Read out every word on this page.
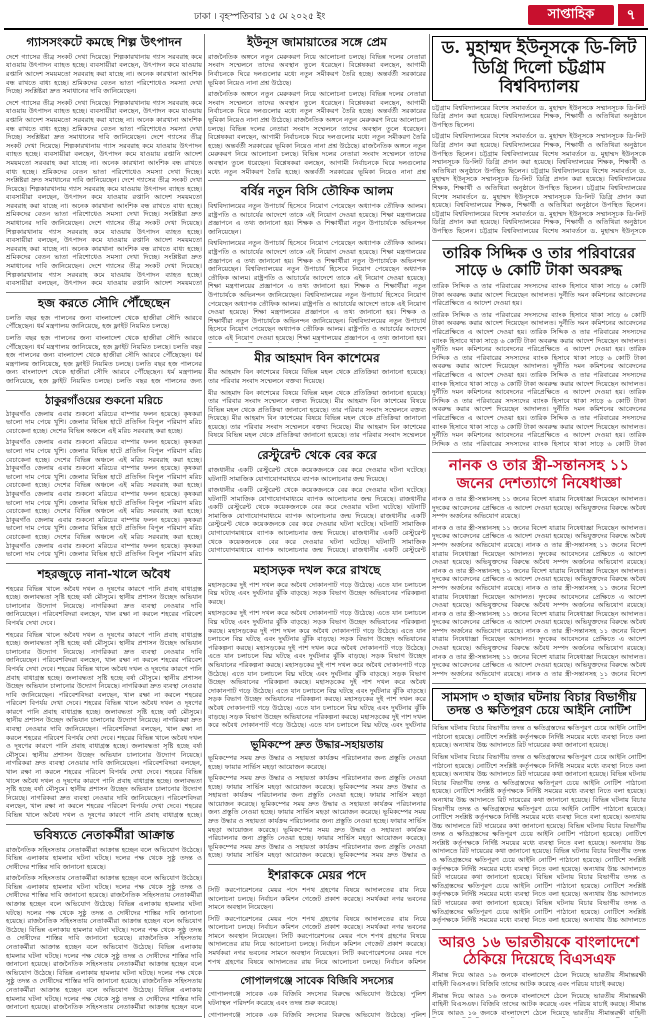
ঢাকা । বৃহস্পতিবার ১৫ মে ২০২৫ ইং	সাপ্তাহিক	৭
গ্যাসসংকটে কমছে শিল্প উৎপাদন

দেশে গ্যাসের তীব্র সংকট দেখা দিয়েছে। শিল্পকারখানায় গ্যাস সরবরাহ কমে যাওয়ায় উৎপাদন ব্যাহত হচ্ছে। ব্যবসায়ীরা বলছেন, উৎপাদন কমে যাওয়ায় রপ্তানি আদেশ সময়মতো সরবরাহ করা যাচ্ছে না। অনেক কারখানা আংশিক বন্ধ রাখতে বাধ্য হচ্ছে। শ্রমিকদের বেতন ভাতা পরিশোধেও সমস্যা দেখা দিচ্ছে। সংশ্লিষ্টরা দ্রুত সমাধানের দাবি জানিয়েছেন।

দেশে গ্যাসের তীব্র সংকট দেখা দিয়েছে। শিল্পকারখানায় গ্যাস সরবরাহ কমে যাওয়ায় উৎপাদন ব্যাহত হচ্ছে। ব্যবসায়ীরা বলছেন, উৎপাদন কমে যাওয়ায় রপ্তানি আদেশ সময়মতো সরবরাহ করা যাচ্ছে না। অনেক কারখানা আংশিক বন্ধ রাখতে বাধ্য হচ্ছে। শ্রমিকদের বেতন ভাতা পরিশোধেও সমস্যা দেখা দিচ্ছে। সংশ্লিষ্টরা দ্রুত সমাধানের দাবি জানিয়েছেন। দেশে গ্যাসের তীব্র সংকট দেখা দিয়েছে। শিল্পকারখানায় গ্যাস সরবরাহ কমে যাওয়ায় উৎপাদন ব্যাহত হচ্ছে। ব্যবসায়ীরা বলছেন, উৎপাদন কমে যাওয়ায় রপ্তানি আদেশ সময়মতো সরবরাহ করা যাচ্ছে না। অনেক কারখানা আংশিক বন্ধ রাখতে বাধ্য হচ্ছে। শ্রমিকদের বেতন ভাতা পরিশোধেও সমস্যা দেখা দিচ্ছে। সংশ্লিষ্টরা দ্রুত সমাধানের দাবি জানিয়েছেন। দেশে গ্যাসের তীব্র সংকট দেখা দিয়েছে। শিল্পকারখানায় গ্যাস সরবরাহ কমে যাওয়ায় উৎপাদন ব্যাহত হচ্ছে। ব্যবসায়ীরা বলছেন, উৎপাদন কমে যাওয়ায় রপ্তানি আদেশ সময়মতো সরবরাহ করা যাচ্ছে না। অনেক কারখানা আংশিক বন্ধ রাখতে বাধ্য হচ্ছে। শ্রমিকদের বেতন ভাতা পরিশোধেও সমস্যা দেখা দিচ্ছে। সংশ্লিষ্টরা দ্রুত সমাধানের দাবি জানিয়েছেন। দেশে গ্যাসের তীব্র সংকট দেখা দিয়েছে। শিল্পকারখানায় গ্যাস সরবরাহ কমে যাওয়ায় উৎপাদন ব্যাহত হচ্ছে। ব্যবসায়ীরা বলছেন, উৎপাদন কমে যাওয়ায় রপ্তানি আদেশ সময়মতো সরবরাহ করা যাচ্ছে না। অনেক কারখানা আংশিক বন্ধ রাখতে বাধ্য হচ্ছে। শ্রমিকদের বেতন ভাতা পরিশোধেও সমস্যা দেখা দিচ্ছে। সংশ্লিষ্টরা দ্রুত সমাধানের দাবি জানিয়েছেন। দেশে গ্যাসের তীব্র সংকট দেখা দিয়েছে। শিল্পকারখানায় গ্যাস সরবরাহ কমে যাওয়ায় উৎপাদন ব্যাহত হচ্ছে। ব্যবসায়ীরা বলছেন, উৎপাদন কমে যাওয়ায় রপ্তানি আদেশ সময়মতো

হজ করতে সৌদি পৌঁছেছেন

চলতি বছর হজ পালনের জন্য বাংলাদেশ থেকে হাজীরা সৌদি আরবে পৌঁছেছেন। ধর্ম মন্ত্রণালয় জানিয়েছে, হজ ফ্লাইট নিয়মিত চলছে।

চলতি বছর হজ পালনের জন্য বাংলাদেশ থেকে হাজীরা সৌদি আরবে পৌঁছেছেন। ধর্ম মন্ত্রণালয় জানিয়েছে, হজ ফ্লাইট নিয়মিত চলছে। চলতি বছর হজ পালনের জন্য বাংলাদেশ থেকে হাজীরা সৌদি আরবে পৌঁছেছেন। ধর্ম মন্ত্রণালয় জানিয়েছে, হজ ফ্লাইট নিয়মিত চলছে। চলতি বছর হজ পালনের জন্য বাংলাদেশ থেকে হাজীরা সৌদি আরবে পৌঁছেছেন। ধর্ম মন্ত্রণালয় জানিয়েছে, হজ ফ্লাইট নিয়মিত চলছে। চলতি বছর হজ পালনের জন্য

ঠাকুরগাঁওয়ের শুকনো মরিচে

ঠাকুরগাঁও জেলায় এবার শুকনো মরিচের বাম্পার ফলন হয়েছে। কৃষকরা ভালো দাম পেয়ে খুশি। জেলার বিভিন্ন হাটে প্রতিদিন বিপুল পরিমাণ মরিচ বেচাকেনা হচ্ছে। দেশের বিভিন্ন অঞ্চলে এই মরিচ সরবরাহ করা হচ্ছে।

ঠাকুরগাঁও জেলায় এবার শুকনো মরিচের বাম্পার ফলন হয়েছে। কৃষকরা ভালো দাম পেয়ে খুশি। জেলার বিভিন্ন হাটে প্রতিদিন বিপুল পরিমাণ মরিচ বেচাকেনা হচ্ছে। দেশের বিভিন্ন অঞ্চলে এই মরিচ সরবরাহ করা হচ্ছে। ঠাকুরগাঁও জেলায় এবার শুকনো মরিচের বাম্পার ফলন হয়েছে। কৃষকরা ভালো দাম পেয়ে খুশি। জেলার বিভিন্ন হাটে প্রতিদিন বিপুল পরিমাণ মরিচ বেচাকেনা হচ্ছে। দেশের বিভিন্ন অঞ্চলে এই মরিচ সরবরাহ করা হচ্ছে। ঠাকুরগাঁও জেলায় এবার শুকনো মরিচের বাম্পার ফলন হয়েছে। কৃষকরা ভালো দাম পেয়ে খুশি। জেলার বিভিন্ন হাটে প্রতিদিন বিপুল পরিমাণ মরিচ বেচাকেনা হচ্ছে। দেশের বিভিন্ন অঞ্চলে এই মরিচ সরবরাহ করা হচ্ছে। ঠাকুরগাঁও জেলায় এবার শুকনো মরিচের বাম্পার ফলন হয়েছে। কৃষকরা ভালো দাম পেয়ে খুশি। জেলার বিভিন্ন হাটে প্রতিদিন বিপুল পরিমাণ মরিচ বেচাকেনা হচ্ছে। দেশের বিভিন্ন অঞ্চলে এই মরিচ সরবরাহ করা হচ্ছে। ঠাকুরগাঁও জেলায় এবার শুকনো মরিচের বাম্পার ফলন হয়েছে। কৃষকরা ভালো দাম পেয়ে খুশি। জেলার বিভিন্ন হাটে প্রতিদিন বিপুল পরিমাণ মরিচ

শহরজুড়ে নানা-খালে অবৈধ

শহরের বিভিন্ন খালে অবৈধ দখল ও দূষণের কারণে পানি প্রবাহ বাধাগ্রস্ত হচ্ছে। জলাবদ্ধতা সৃষ্টি হচ্ছে বর্ষা মৌসুমে। স্থানীয় প্রশাসন উচ্ছেদ অভিযান চালানোর উদ্যোগ নিয়েছে। নাগরিকরা দ্রুত ব্যবস্থা নেওয়ার দাবি জানিয়েছেন। পরিবেশবিদরা বলছেন, খাল রক্ষা না করলে শহরের পরিবেশ বিপর্যয় দেখা দেবে।

শহরের বিভিন্ন খালে অবৈধ দখল ও দূষণের কারণে পানি প্রবাহ বাধাগ্রস্ত হচ্ছে। জলাবদ্ধতা সৃষ্টি হচ্ছে বর্ষা মৌসুমে। স্থানীয় প্রশাসন উচ্ছেদ অভিযান চালানোর উদ্যোগ নিয়েছে। নাগরিকরা দ্রুত ব্যবস্থা নেওয়ার দাবি জানিয়েছেন। পরিবেশবিদরা বলছেন, খাল রক্ষা না করলে শহরের পরিবেশ বিপর্যয় দেখা দেবে। শহরের বিভিন্ন খালে অবৈধ দখল ও দূষণের কারণে পানি প্রবাহ বাধাগ্রস্ত হচ্ছে। জলাবদ্ধতা সৃষ্টি হচ্ছে বর্ষা মৌসুমে। স্থানীয় প্রশাসন উচ্ছেদ অভিযান চালানোর উদ্যোগ নিয়েছে। নাগরিকরা দ্রুত ব্যবস্থা নেওয়ার দাবি জানিয়েছেন। পরিবেশবিদরা বলছেন, খাল রক্ষা না করলে শহরের পরিবেশ বিপর্যয় দেখা দেবে। শহরের বিভিন্ন খালে অবৈধ দখল ও দূষণের কারণে পানি প্রবাহ বাধাগ্রস্ত হচ্ছে। জলাবদ্ধতা সৃষ্টি হচ্ছে বর্ষা মৌসুমে। স্থানীয় প্রশাসন উচ্ছেদ অভিযান চালানোর উদ্যোগ নিয়েছে। নাগরিকরা দ্রুত ব্যবস্থা নেওয়ার দাবি জানিয়েছেন। পরিবেশবিদরা বলছেন, খাল রক্ষা না করলে শহরের পরিবেশ বিপর্যয় দেখা দেবে। শহরের বিভিন্ন খালে অবৈধ দখল ও দূষণের কারণে পানি প্রবাহ বাধাগ্রস্ত হচ্ছে। জলাবদ্ধতা সৃষ্টি হচ্ছে বর্ষা মৌসুমে। স্থানীয় প্রশাসন উচ্ছেদ অভিযান চালানোর উদ্যোগ নিয়েছে। নাগরিকরা দ্রুত ব্যবস্থা নেওয়ার দাবি জানিয়েছেন। পরিবেশবিদরা বলছেন, খাল রক্ষা না করলে শহরের পরিবেশ বিপর্যয় দেখা দেবে। শহরের বিভিন্ন খালে অবৈধ দখল ও দূষণের কারণে পানি প্রবাহ বাধাগ্রস্ত হচ্ছে। জলাবদ্ধতা সৃষ্টি হচ্ছে বর্ষা মৌসুমে। স্থানীয় প্রশাসন উচ্ছেদ অভিযান চালানোর উদ্যোগ নিয়েছে। নাগরিকরা দ্রুত ব্যবস্থা নেওয়ার দাবি জানিয়েছেন। পরিবেশবিদরা বলছেন, খাল রক্ষা না করলে শহরের পরিবেশ বিপর্যয় দেখা দেবে। শহরের বিভিন্ন খালে অবৈধ দখল ও দূষণের কারণে পানি প্রবাহ বাধাগ্রস্ত হচ্ছে।

ভবিষ্যতে নেতাকর্মীরা আক্রান্ত

রাজনৈতিক সহিংসতায় নেতাকর্মীরা আক্রান্ত হচ্ছেন বলে অভিযোগ উঠেছে। বিভিন্ন এলাকায় হামলার ঘটনা ঘটছে। দলের পক্ষ থেকে সুষ্ঠু তদন্ত ও দোষীদের শাস্তির দাবি জানানো হয়েছে।

রাজনৈতিক সহিংসতায় নেতাকর্মীরা আক্রান্ত হচ্ছেন বলে অভিযোগ উঠেছে। বিভিন্ন এলাকায় হামলার ঘটনা ঘটছে। দলের পক্ষ থেকে সুষ্ঠু তদন্ত ও দোষীদের শাস্তির দাবি জানানো হয়েছে। রাজনৈতিক সহিংসতায় নেতাকর্মীরা আক্রান্ত হচ্ছেন বলে অভিযোগ উঠেছে। বিভিন্ন এলাকায় হামলার ঘটনা ঘটছে। দলের পক্ষ থেকে সুষ্ঠু তদন্ত ও দোষীদের শাস্তির দাবি জানানো হয়েছে। রাজনৈতিক সহিংসতায় নেতাকর্মীরা আক্রান্ত হচ্ছেন বলে অভিযোগ উঠেছে। বিভিন্ন এলাকায় হামলার ঘটনা ঘটছে। দলের পক্ষ থেকে সুষ্ঠু তদন্ত ও দোষীদের শাস্তির দাবি জানানো হয়েছে। রাজনৈতিক সহিংসতায় নেতাকর্মীরা আক্রান্ত হচ্ছেন বলে অভিযোগ উঠেছে। বিভিন্ন এলাকায় হামলার ঘটনা ঘটছে। দলের পক্ষ থেকে সুষ্ঠু তদন্ত ও দোষীদের শাস্তির দাবি জানানো হয়েছে। রাজনৈতিক সহিংসতায় নেতাকর্মীরা আক্রান্ত হচ্ছেন বলে অভিযোগ উঠেছে। বিভিন্ন এলাকায় হামলার ঘটনা ঘটছে। দলের পক্ষ থেকে সুষ্ঠু তদন্ত ও দোষীদের শাস্তির দাবি জানানো হয়েছে। রাজনৈতিক সহিংসতায় নেতাকর্মীরা আক্রান্ত হচ্ছেন বলে অভিযোগ উঠেছে। বিভিন্ন এলাকায় হামলার ঘটনা ঘটছে। দলের পক্ষ থেকে সুষ্ঠু তদন্ত ও দোষীদের শাস্তির দাবি জানানো হয়েছে। রাজনৈতিক সহিংসতায় নেতাকর্মীরা আক্রান্ত হচ্ছেন বলে

ইউনূস জামায়াতের সঙ্গে প্রেম

রাজনৈতিক অঙ্গনে নতুন মেরুকরণ নিয়ে আলোচনা চলছে। বিভিন্ন দলের নেতারা সংবাদ সম্মেলনে তাদের অবস্থান তুলে ধরেছেন। বিশ্লেষকরা বলছেন, আগামী নির্বাচনকে ঘিরে দলগুলোর মধ্যে নতুন সমীকরণ তৈরি হচ্ছে। অন্তর্বর্তী সরকারের ভূমিকা নিয়েও নানা প্রশ্ন উঠেছে।

রাজনৈতিক অঙ্গনে নতুন মেরুকরণ নিয়ে আলোচনা চলছে। বিভিন্ন দলের নেতারা সংবাদ সম্মেলনে তাদের অবস্থান তুলে ধরেছেন। বিশ্লেষকরা বলছেন, আগামী নির্বাচনকে ঘিরে দলগুলোর মধ্যে নতুন সমীকরণ তৈরি হচ্ছে। অন্তর্বর্তী সরকারের ভূমিকা নিয়েও নানা প্রশ্ন উঠেছে। রাজনৈতিক অঙ্গনে নতুন মেরুকরণ নিয়ে আলোচনা চলছে। বিভিন্ন দলের নেতারা সংবাদ সম্মেলনে তাদের অবস্থান তুলে ধরেছেন। বিশ্লেষকরা বলছেন, আগামী নির্বাচনকে ঘিরে দলগুলোর মধ্যে নতুন সমীকরণ তৈরি হচ্ছে। অন্তর্বর্তী সরকারের ভূমিকা নিয়েও নানা প্রশ্ন উঠেছে। রাজনৈতিক অঙ্গনে নতুন মেরুকরণ নিয়ে আলোচনা চলছে। বিভিন্ন দলের নেতারা সংবাদ সম্মেলনে তাদের অবস্থান তুলে ধরেছেন। বিশ্লেষকরা বলছেন, আগামী নির্বাচনকে ঘিরে দলগুলোর মধ্যে নতুন সমীকরণ তৈরি হচ্ছে। অন্তর্বর্তী সরকারের ভূমিকা নিয়েও নানা প্রশ্ন

বর্বির নতুন বিসি তৌফিক আলম

বিশ্ববিদ্যালয়ের নতুন উপাচার্য হিসেবে নিয়োগ পেয়েছেন অধ্যাপক তৌফিক আলম। রাষ্ট্রপতি ও আচার্যের আদেশে তাকে এই নিয়োগ দেওয়া হয়েছে। শিক্ষা মন্ত্রণালয়ের প্রজ্ঞাপনে এ তথ্য জানানো হয়। শিক্ষক ও শিক্ষার্থীরা নতুন উপাচার্যকে অভিনন্দন জানিয়েছেন।

বিশ্ববিদ্যালয়ের নতুন উপাচার্য হিসেবে নিয়োগ পেয়েছেন অধ্যাপক তৌফিক আলম। রাষ্ট্রপতি ও আচার্যের আদেশে তাকে এই নিয়োগ দেওয়া হয়েছে। শিক্ষা মন্ত্রণালয়ের প্রজ্ঞাপনে এ তথ্য জানানো হয়। শিক্ষক ও শিক্ষার্থীরা নতুন উপাচার্যকে অভিনন্দন জানিয়েছেন। বিশ্ববিদ্যালয়ের নতুন উপাচার্য হিসেবে নিয়োগ পেয়েছেন অধ্যাপক তৌফিক আলম। রাষ্ট্রপতি ও আচার্যের আদেশে তাকে এই নিয়োগ দেওয়া হয়েছে। শিক্ষা মন্ত্রণালয়ের প্রজ্ঞাপনে এ তথ্য জানানো হয়। শিক্ষক ও শিক্ষার্থীরা নতুন উপাচার্যকে অভিনন্দন জানিয়েছেন। বিশ্ববিদ্যালয়ের নতুন উপাচার্য হিসেবে নিয়োগ পেয়েছেন অধ্যাপক তৌফিক আলম। রাষ্ট্রপতি ও আচার্যের আদেশে তাকে এই নিয়োগ দেওয়া হয়েছে। শিক্ষা মন্ত্রণালয়ের প্রজ্ঞাপনে এ তথ্য জানানো হয়। শিক্ষক ও শিক্ষার্থীরা নতুন উপাচার্যকে অভিনন্দন জানিয়েছেন। বিশ্ববিদ্যালয়ের নতুন উপাচার্য হিসেবে নিয়োগ পেয়েছেন অধ্যাপক তৌফিক আলম। রাষ্ট্রপতি ও আচার্যের আদেশে তাকে এই নিয়োগ দেওয়া হয়েছে। শিক্ষা মন্ত্রণালয়ের প্রজ্ঞাপনে এ তথ্য জানানো হয়।

মীর আহমাদ বিন কাশেমের

মীর আহমাদ বিন কাশেমের বিষয়ে বিভিন্ন মহল থেকে প্রতিক্রিয়া জানানো হয়েছে। তার পরিবার সংবাদ সম্মেলনে বক্তব্য দিয়েছে।

মীর আহমাদ বিন কাশেমের বিষয়ে বিভিন্ন মহল থেকে প্রতিক্রিয়া জানানো হয়েছে। তার পরিবার সংবাদ সম্মেলনে বক্তব্য দিয়েছে। মীর আহমাদ বিন কাশেমের বিষয়ে বিভিন্ন মহল থেকে প্রতিক্রিয়া জানানো হয়েছে। তার পরিবার সংবাদ সম্মেলনে বক্তব্য দিয়েছে। মীর আহমাদ বিন কাশেমের বিষয়ে বিভিন্ন মহল থেকে প্রতিক্রিয়া জানানো হয়েছে। তার পরিবার সংবাদ সম্মেলনে বক্তব্য দিয়েছে। মীর আহমাদ বিন কাশেমের বিষয়ে বিভিন্ন মহল থেকে প্রতিক্রিয়া জানানো হয়েছে। তার পরিবার সংবাদ সম্মেলনে

রেস্টুরেন্ট থেকে বের করে

রাজধানীর একটি রেস্টুরেন্ট থেকে কয়েকজনকে বের করে দেওয়ার ঘটনা ঘটেছে। ঘটনাটি সামাজিক যোগাযোগমাধ্যমে ব্যাপক আলোচনার জন্ম দিয়েছে।

রাজধানীর একটি রেস্টুরেন্ট থেকে কয়েকজনকে বের করে দেওয়ার ঘটনা ঘটেছে। ঘটনাটি সামাজিক যোগাযোগমাধ্যমে ব্যাপক আলোচনার জন্ম দিয়েছে। রাজধানীর একটি রেস্টুরেন্ট থেকে কয়েকজনকে বের করে দেওয়ার ঘটনা ঘটেছে। ঘটনাটি সামাজিক যোগাযোগমাধ্যমে ব্যাপক আলোচনার জন্ম দিয়েছে। রাজধানীর একটি রেস্টুরেন্ট থেকে কয়েকজনকে বের করে দেওয়ার ঘটনা ঘটেছে। ঘটনাটি সামাজিক যোগাযোগমাধ্যমে ব্যাপক আলোচনার জন্ম দিয়েছে। রাজধানীর একটি রেস্টুরেন্ট থেকে কয়েকজনকে বের করে দেওয়ার ঘটনা ঘটেছে। ঘটনাটি সামাজিক যোগাযোগমাধ্যমে ব্যাপক আলোচনার জন্ম দিয়েছে। রাজধানীর একটি রেস্টুরেন্ট

মহাসড়ক দখল করে রাখছে

মহাসড়কের দুই পাশ দখল করে অবৈধ দোকানপাট গড়ে উঠেছে। এতে যান চলাচলে বিঘ্ন ঘটছে এবং দুর্ঘটনার ঝুঁকি বাড়ছে। সড়ক বিভাগ উচ্ছেদ অভিযানের পরিকল্পনা করছে।

মহাসড়কের দুই পাশ দখল করে অবৈধ দোকানপাট গড়ে উঠেছে। এতে যান চলাচলে বিঘ্ন ঘটছে এবং দুর্ঘটনার ঝুঁকি বাড়ছে। সড়ক বিভাগ উচ্ছেদ অভিযানের পরিকল্পনা করছে। মহাসড়কের দুই পাশ দখল করে অবৈধ দোকানপাট গড়ে উঠেছে। এতে যান চলাচলে বিঘ্ন ঘটছে এবং দুর্ঘটনার ঝুঁকি বাড়ছে। সড়ক বিভাগ উচ্ছেদ অভিযানের পরিকল্পনা করছে। মহাসড়কের দুই পাশ দখল করে অবৈধ দোকানপাট গড়ে উঠেছে। এতে যান চলাচলে বিঘ্ন ঘটছে এবং দুর্ঘটনার ঝুঁকি বাড়ছে। সড়ক বিভাগ উচ্ছেদ অভিযানের পরিকল্পনা করছে। মহাসড়কের দুই পাশ দখল করে অবৈধ দোকানপাট গড়ে উঠেছে। এতে যান চলাচলে বিঘ্ন ঘটছে এবং দুর্ঘটনার ঝুঁকি বাড়ছে। সড়ক বিভাগ উচ্ছেদ অভিযানের পরিকল্পনা করছে। মহাসড়কের দুই পাশ দখল করে অবৈধ দোকানপাট গড়ে উঠেছে। এতে যান চলাচলে বিঘ্ন ঘটছে এবং দুর্ঘটনার ঝুঁকি বাড়ছে। সড়ক বিভাগ উচ্ছেদ অভিযানের পরিকল্পনা করছে। মহাসড়কের দুই পাশ দখল করে অবৈধ দোকানপাট গড়ে উঠেছে। এতে যান চলাচলে বিঘ্ন ঘটছে এবং দুর্ঘটনার ঝুঁকি বাড়ছে। সড়ক বিভাগ উচ্ছেদ অভিযানের পরিকল্পনা করছে। মহাসড়কের দুই পাশ দখল করে অবৈধ দোকানপাট গড়ে উঠেছে। এতে যান চলাচলে বিঘ্ন ঘটছে এবং দুর্ঘটনার

ভূমিকম্পে দ্রুত উদ্ধার-সহায়তায়

ভূমিকম্পের সময় দ্রুত উদ্ধার ও সহায়তা কার্যক্রম পরিচালনার জন্য প্রস্তুতি নেওয়া হচ্ছে। ফায়ার সার্ভিস মহড়া আয়োজন করেছে।

ভূমিকম্পের সময় দ্রুত উদ্ধার ও সহায়তা কার্যক্রম পরিচালনার জন্য প্রস্তুতি নেওয়া হচ্ছে। ফায়ার সার্ভিস মহড়া আয়োজন করেছে। ভূমিকম্পের সময় দ্রুত উদ্ধার ও সহায়তা কার্যক্রম পরিচালনার জন্য প্রস্তুতি নেওয়া হচ্ছে। ফায়ার সার্ভিস মহড়া আয়োজন করেছে। ভূমিকম্পের সময় দ্রুত উদ্ধার ও সহায়তা কার্যক্রম পরিচালনার জন্য প্রস্তুতি নেওয়া হচ্ছে। ফায়ার সার্ভিস মহড়া আয়োজন করেছে। ভূমিকম্পের সময় দ্রুত উদ্ধার ও সহায়তা কার্যক্রম পরিচালনার জন্য প্রস্তুতি নেওয়া হচ্ছে। ফায়ার সার্ভিস মহড়া আয়োজন করেছে। ভূমিকম্পের সময় দ্রুত উদ্ধার ও সহায়তা কার্যক্রম পরিচালনার জন্য প্রস্তুতি নেওয়া হচ্ছে। ফায়ার সার্ভিস মহড়া আয়োজন করেছে। ভূমিকম্পের সময় দ্রুত উদ্ধার ও সহায়তা কার্যক্রম পরিচালনার জন্য প্রস্তুতি নেওয়া হচ্ছে। ফায়ার সার্ভিস মহড়া আয়োজন করেছে। ভূমিকম্পের সময় দ্রুত উদ্ধার ও

ইশরাককে মেয়র পদে

সিটি করপোরেশনের মেয়র পদে শপথ গ্রহণের বিষয়ে আদালতের রায় নিয়ে আলোচনা চলছে। নির্বাচন কমিশন গেজেট প্রকাশ করেছে। সমর্থকরা নগর ভবনের সামনে অবস্থান নিয়েছেন।

সিটি করপোরেশনের মেয়র পদে শপথ গ্রহণের বিষয়ে আদালতের রায় নিয়ে আলোচনা চলছে। নির্বাচন কমিশন গেজেট প্রকাশ করেছে। সমর্থকরা নগর ভবনের সামনে অবস্থান নিয়েছেন। সিটি করপোরেশনের মেয়র পদে শপথ গ্রহণের বিষয়ে আদালতের রায় নিয়ে আলোচনা চলছে। নির্বাচন কমিশন গেজেট প্রকাশ করেছে। সমর্থকরা নগর ভবনের সামনে অবস্থান নিয়েছেন। সিটি করপোরেশনের মেয়র পদে শপথ গ্রহণের বিষয়ে আদালতের রায় নিয়ে আলোচনা চলছে। নির্বাচন কমিশন

গোপালগঞ্জে সাবেক বিজিবি সদস্যের

গোপালগঞ্জে সাবেক এক বিজিবি সদস্যের বিরুদ্ধে অভিযোগ উঠেছে। পুলিশ ঘটনাস্থল পরিদর্শন করেছে এবং তদন্ত শুরু করেছে।

গোপালগঞ্জে সাবেক এক বিজিবি সদস্যের বিরুদ্ধে অভিযোগ উঠেছে। পুলিশ

ড. মুহাম্মদ ইউনূসকে ডি-লিট ডিগ্রি দিলো চট্টগ্রাম বিশ্ববিদ্যালয়

চট্টগ্রাম বিশ্ববিদ্যালয়ের বিশেষ সমাবর্তনে ড. মুহাম্মদ ইউনূসকে সম্মানসূচক ডি-লিট ডিগ্রি প্রদান করা হয়েছে। বিশ্ববিদ্যালয়ের শিক্ষক, শিক্ষার্থী ও অতিথিরা অনুষ্ঠানে উপস্থিত ছিলেন।

চট্টগ্রাম বিশ্ববিদ্যালয়ের বিশেষ সমাবর্তনে ড. মুহাম্মদ ইউনূসকে সম্মানসূচক ডি-লিট ডিগ্রি প্রদান করা হয়েছে। বিশ্ববিদ্যালয়ের শিক্ষক, শিক্ষার্থী ও অতিথিরা অনুষ্ঠানে উপস্থিত ছিলেন। চট্টগ্রাম বিশ্ববিদ্যালয়ের বিশেষ সমাবর্তনে ড. মুহাম্মদ ইউনূসকে সম্মানসূচক ডি-লিট ডিগ্রি প্রদান করা হয়েছে। বিশ্ববিদ্যালয়ের শিক্ষক, শিক্ষার্থী ও অতিথিরা অনুষ্ঠানে উপস্থিত ছিলেন। চট্টগ্রাম বিশ্ববিদ্যালয়ের বিশেষ সমাবর্তনে ড. মুহাম্মদ ইউনূসকে সম্মানসূচক ডি-লিট ডিগ্রি প্রদান করা হয়েছে। বিশ্ববিদ্যালয়ের শিক্ষক, শিক্ষার্থী ও অতিথিরা অনুষ্ঠানে উপস্থিত ছিলেন। চট্টগ্রাম বিশ্ববিদ্যালয়ের বিশেষ সমাবর্তনে ড. মুহাম্মদ ইউনূসকে সম্মানসূচক ডি-লিট ডিগ্রি প্রদান করা হয়েছে। বিশ্ববিদ্যালয়ের শিক্ষক, শিক্ষার্থী ও অতিথিরা অনুষ্ঠানে উপস্থিত ছিলেন। চট্টগ্রাম বিশ্ববিদ্যালয়ের বিশেষ সমাবর্তনে ড. মুহাম্মদ ইউনূসকে সম্মানসূচক ডি-লিট ডিগ্রি প্রদান করা হয়েছে। বিশ্ববিদ্যালয়ের শিক্ষক, শিক্ষার্থী ও অতিথিরা অনুষ্ঠানে উপস্থিত ছিলেন। চট্টগ্রাম বিশ্ববিদ্যালয়ের বিশেষ সমাবর্তনে ড. মুহাম্মদ ইউনূসকে

তারিক সিদ্দিক ও তার পরিবারের সাড়ে ৬ কোটি টাকা অবরুদ্ধ

তারিক সিদ্দিক ও তার পরিবারের সদস্যদের ব্যাংক হিসাবে থাকা সাড়ে ৬ কোটি টাকা অবরুদ্ধ করার আদেশ দিয়েছেন আদালত। দুর্নীতি দমন কমিশনের আবেদনের পরিপ্রেক্ষিতে এ আদেশ দেওয়া হয়।

তারিক সিদ্দিক ও তার পরিবারের সদস্যদের ব্যাংক হিসাবে থাকা সাড়ে ৬ কোটি টাকা অবরুদ্ধ করার আদেশ দিয়েছেন আদালত। দুর্নীতি দমন কমিশনের আবেদনের পরিপ্রেক্ষিতে এ আদেশ দেওয়া হয়। তারিক সিদ্দিক ও তার পরিবারের সদস্যদের ব্যাংক হিসাবে থাকা সাড়ে ৬ কোটি টাকা অবরুদ্ধ করার আদেশ দিয়েছেন আদালত। দুর্নীতি দমন কমিশনের আবেদনের পরিপ্রেক্ষিতে এ আদেশ দেওয়া হয়। তারিক সিদ্দিক ও তার পরিবারের সদস্যদের ব্যাংক হিসাবে থাকা সাড়ে ৬ কোটি টাকা অবরুদ্ধ করার আদেশ দিয়েছেন আদালত। দুর্নীতি দমন কমিশনের আবেদনের পরিপ্রেক্ষিতে এ আদেশ দেওয়া হয়। তারিক সিদ্দিক ও তার পরিবারের সদস্যদের ব্যাংক হিসাবে থাকা সাড়ে ৬ কোটি টাকা অবরুদ্ধ করার আদেশ দিয়েছেন আদালত। দুর্নীতি দমন কমিশনের আবেদনের পরিপ্রেক্ষিতে এ আদেশ দেওয়া হয়। তারিক সিদ্দিক ও তার পরিবারের সদস্যদের ব্যাংক হিসাবে থাকা সাড়ে ৬ কোটি টাকা অবরুদ্ধ করার আদেশ দিয়েছেন আদালত। দুর্নীতি দমন কমিশনের আবেদনের পরিপ্রেক্ষিতে এ আদেশ দেওয়া হয়। তারিক সিদ্দিক ও তার পরিবারের সদস্যদের ব্যাংক হিসাবে থাকা সাড়ে ৬ কোটি টাকা অবরুদ্ধ করার আদেশ দিয়েছেন আদালত। দুর্নীতি দমন কমিশনের আবেদনের পরিপ্রেক্ষিতে এ আদেশ দেওয়া হয়। তারিক সিদ্দিক ও তার পরিবারের সদস্যদের ব্যাংক হিসাবে থাকা সাড়ে ৬ কোটি টাকা

নানক ও তার স্ত্রী-সন্তানসহ ১১ জনের দেশত্যাগে নিষেধাজ্ঞা

নানক ও তার স্ত্রী-সন্তানসহ ১১ জনের বিদেশ যাত্রায় নিষেধাজ্ঞা দিয়েছেন আদালত। দুদকের আবেদনের প্রেক্ষিতে এ আদেশ দেওয়া হয়েছে। অভিযুক্তদের বিরুদ্ধে অবৈধ সম্পদ অর্জনের অভিযোগ রয়েছে।

নানক ও তার স্ত্রী-সন্তানসহ ১১ জনের বিদেশ যাত্রায় নিষেধাজ্ঞা দিয়েছেন আদালত। দুদকের আবেদনের প্রেক্ষিতে এ আদেশ দেওয়া হয়েছে। অভিযুক্তদের বিরুদ্ধে অবৈধ সম্পদ অর্জনের অভিযোগ রয়েছে। নানক ও তার স্ত্রী-সন্তানসহ ১১ জনের বিদেশ যাত্রায় নিষেধাজ্ঞা দিয়েছেন আদালত। দুদকের আবেদনের প্রেক্ষিতে এ আদেশ দেওয়া হয়েছে। অভিযুক্তদের বিরুদ্ধে অবৈধ সম্পদ অর্জনের অভিযোগ রয়েছে। নানক ও তার স্ত্রী-সন্তানসহ ১১ জনের বিদেশ যাত্রায় নিষেধাজ্ঞা দিয়েছেন আদালত। দুদকের আবেদনের প্রেক্ষিতে এ আদেশ দেওয়া হয়েছে। অভিযুক্তদের বিরুদ্ধে অবৈধ সম্পদ অর্জনের অভিযোগ রয়েছে। নানক ও তার স্ত্রী-সন্তানসহ ১১ জনের বিদেশ যাত্রায় নিষেধাজ্ঞা দিয়েছেন আদালত। দুদকের আবেদনের প্রেক্ষিতে এ আদেশ দেওয়া হয়েছে। অভিযুক্তদের বিরুদ্ধে অবৈধ সম্পদ অর্জনের অভিযোগ রয়েছে। নানক ও তার স্ত্রী-সন্তানসহ ১১ জনের বিদেশ যাত্রায় নিষেধাজ্ঞা দিয়েছেন আদালত। দুদকের আবেদনের প্রেক্ষিতে এ আদেশ দেওয়া হয়েছে। অভিযুক্তদের বিরুদ্ধে অবৈধ সম্পদ অর্জনের অভিযোগ রয়েছে। নানক ও তার স্ত্রী-সন্তানসহ ১১ জনের বিদেশ যাত্রায় নিষেধাজ্ঞা দিয়েছেন আদালত। দুদকের আবেদনের প্রেক্ষিতে এ আদেশ দেওয়া হয়েছে। অভিযুক্তদের বিরুদ্ধে অবৈধ সম্পদ অর্জনের অভিযোগ রয়েছে। নানক ও তার স্ত্রী-সন্তানসহ ১১ জনের বিদেশ যাত্রায় নিষেধাজ্ঞা দিয়েছেন আদালত। দুদকের আবেদনের প্রেক্ষিতে এ আদেশ দেওয়া হয়েছে। অভিযুক্তদের বিরুদ্ধে অবৈধ সম্পদ অর্জনের অভিযোগ রয়েছে। নানক ও তার স্ত্রী-সন্তানসহ ১১ জনের বিদেশ

সামসাদ ৩ হাজার ঘটনায় বিচার বিভাগীয় তদন্ত ও ক্ষতিপূরণ চেয়ে আইনি নোটিশ

বিভিন্ন ঘটনায় বিচার বিভাগীয় তদন্ত ও ক্ষতিগ্রস্তদের ক্ষতিপূরণ চেয়ে আইনি নোটিশ পাঠানো হয়েছে। নোটিশে সংশ্লিষ্ট কর্তৃপক্ষকে নির্দিষ্ট সময়ের মধ্যে ব্যবস্থা নিতে বলা হয়েছে। অন্যথায় উচ্চ আদালতে রিট দায়েরের কথা জানানো হয়েছে।

বিভিন্ন ঘটনায় বিচার বিভাগীয় তদন্ত ও ক্ষতিগ্রস্তদের ক্ষতিপূরণ চেয়ে আইনি নোটিশ পাঠানো হয়েছে। নোটিশে সংশ্লিষ্ট কর্তৃপক্ষকে নির্দিষ্ট সময়ের মধ্যে ব্যবস্থা নিতে বলা হয়েছে। অন্যথায় উচ্চ আদালতে রিট দায়েরের কথা জানানো হয়েছে। বিভিন্ন ঘটনায় বিচার বিভাগীয় তদন্ত ও ক্ষতিগ্রস্তদের ক্ষতিপূরণ চেয়ে আইনি নোটিশ পাঠানো হয়েছে। নোটিশে সংশ্লিষ্ট কর্তৃপক্ষকে নির্দিষ্ট সময়ের মধ্যে ব্যবস্থা নিতে বলা হয়েছে। অন্যথায় উচ্চ আদালতে রিট দায়েরের কথা জানানো হয়েছে। বিভিন্ন ঘটনায় বিচার বিভাগীয় তদন্ত ও ক্ষতিগ্রস্তদের ক্ষতিপূরণ চেয়ে আইনি নোটিশ পাঠানো হয়েছে। নোটিশে সংশ্লিষ্ট কর্তৃপক্ষকে নির্দিষ্ট সময়ের মধ্যে ব্যবস্থা নিতে বলা হয়েছে। অন্যথায় উচ্চ আদালতে রিট দায়েরের কথা জানানো হয়েছে। বিভিন্ন ঘটনায় বিচার বিভাগীয় তদন্ত ও ক্ষতিগ্রস্তদের ক্ষতিপূরণ চেয়ে আইনি নোটিশ পাঠানো হয়েছে। নোটিশে সংশ্লিষ্ট কর্তৃপক্ষকে নির্দিষ্ট সময়ের মধ্যে ব্যবস্থা নিতে বলা হয়েছে। অন্যথায় উচ্চ আদালতে রিট দায়েরের কথা জানানো হয়েছে। বিভিন্ন ঘটনায় বিচার বিভাগীয় তদন্ত ও ক্ষতিগ্রস্তদের ক্ষতিপূরণ চেয়ে আইনি নোটিশ পাঠানো হয়েছে। নোটিশে সংশ্লিষ্ট কর্তৃপক্ষকে নির্দিষ্ট সময়ের মধ্যে ব্যবস্থা নিতে বলা হয়েছে। অন্যথায় উচ্চ আদালতে রিট দায়েরের কথা জানানো হয়েছে। বিভিন্ন ঘটনায় বিচার বিভাগীয় তদন্ত ও ক্ষতিগ্রস্তদের ক্ষতিপূরণ চেয়ে আইনি নোটিশ পাঠানো হয়েছে। নোটিশে সংশ্লিষ্ট কর্তৃপক্ষকে নির্দিষ্ট সময়ের মধ্যে ব্যবস্থা নিতে বলা হয়েছে। অন্যথায় উচ্চ আদালতে রিট দায়েরের কথা জানানো হয়েছে। বিভিন্ন ঘটনায় বিচার বিভাগীয় তদন্ত ও ক্ষতিগ্রস্তদের ক্ষতিপূরণ চেয়ে আইনি নোটিশ পাঠানো হয়েছে। নোটিশে সংশ্লিষ্ট কর্তৃপক্ষকে নির্দিষ্ট সময়ের মধ্যে ব্যবস্থা নিতে বলা হয়েছে। অন্যথায় উচ্চ আদালতে

আরও ১৬ ভারতীয়কে বাংলাদেশে ঠেকিয়ে দিয়েছে বিএসএফ

সীমান্ত দিয়ে আরও ১৬ জনকে বাংলাদেশে ঠেলে দিয়েছে ভারতীয় সীমান্তরক্ষী বাহিনী বিএসএফ। বিজিবি তাদের আটক করেছে এবং পরিচয় যাচাই করছে।

সীমান্ত দিয়ে আরও ১৬ জনকে বাংলাদেশে ঠেলে দিয়েছে ভারতীয় সীমান্তরক্ষী বাহিনী বিএসএফ। বিজিবি তাদের আটক করেছে এবং পরিচয় যাচাই করছে। সীমান্ত দিয়ে আরও ১৬ জনকে বাংলাদেশে ঠেলে দিয়েছে ভারতীয় সীমান্তরক্ষী বাহিনী
